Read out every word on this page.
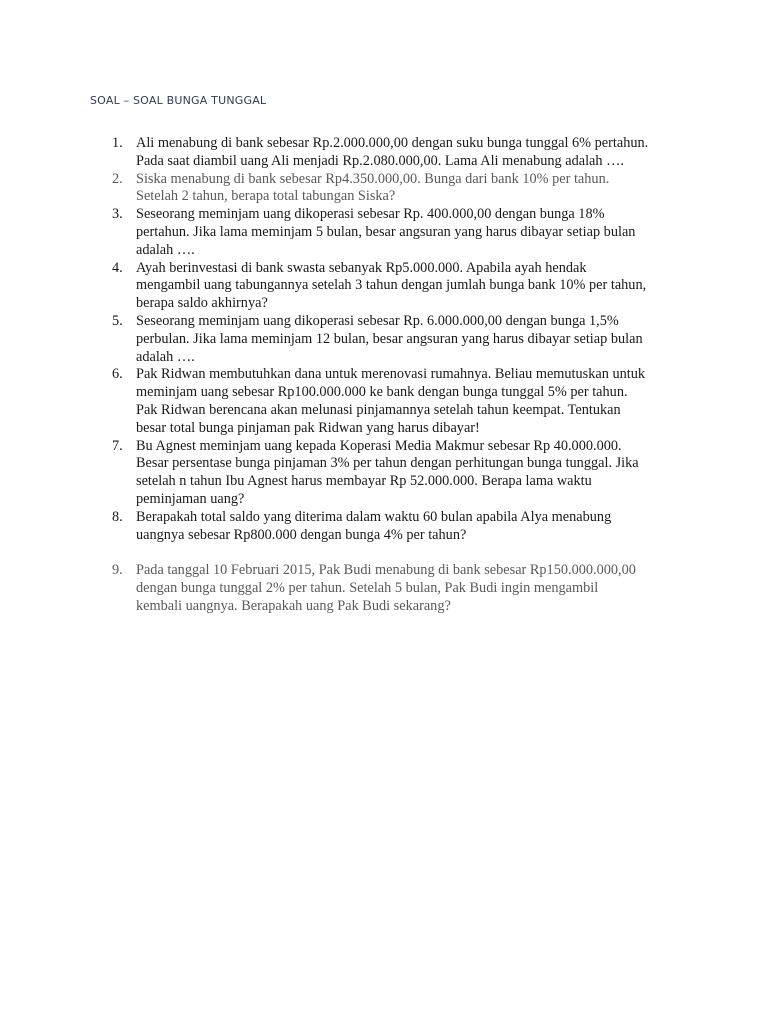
SOAL – SOAL BUNGA TUNGGAL
1. Ali menabung di bank sebesar Rp.2.000.000,00 dengan suku bunga tunggal 6% pertahun.
Pada saat diambil uang Ali menjadi Rp.2.080.000,00. Lama Ali menabung adalah ….
2. Siska menabung di bank sebesar Rp4.350.000,00. Bunga dari bank 10% per tahun.
Setelah 2 tahun, berapa total tabungan Siska?
3. Seseorang meminjam uang dikoperasi sebesar Rp. 400.000,00 dengan bunga 18%
pertahun. Jika lama meminjam 5 bulan, besar angsuran yang harus dibayar setiap bulan
adalah ….
4. Ayah berinvestasi di bank swasta sebanyak Rp5.000.000. Apabila ayah hendak
mengambil uang tabungannya setelah 3 tahun dengan jumlah bunga bank 10% per tahun,
berapa saldo akhirnya?
5. Seseorang meminjam uang dikoperasi sebesar Rp. 6.000.000,00 dengan bunga 1,5%
perbulan. Jika lama meminjam 12 bulan, besar angsuran yang harus dibayar setiap bulan
adalah ….
6. Pak Ridwan membutuhkan dana untuk merenovasi rumahnya. Beliau memutuskan untuk
meminjam uang sebesar Rp100.000.000 ke bank dengan bunga tunggal 5% per tahun.
Pak Ridwan berencana akan melunasi pinjamannya setelah tahun keempat. Tentukan
besar total bunga pinjaman pak Ridwan yang harus dibayar!
7. Bu Agnest meminjam uang kepada Koperasi Media Makmur sebesar Rp 40.000.000.
Besar persentase bunga pinjaman 3% per tahun dengan perhitungan bunga tunggal. Jika
setelah n tahun Ibu Agnest harus membayar Rp 52.000.000. Berapa lama waktu
peminjaman uang?
8. Berapakah total saldo yang diterima dalam waktu 60 bulan apabila Alya menabung
uangnya sebesar Rp800.000 dengan bunga 4% per tahun?
9. Pada tanggal 10 Februari 2015, Pak Budi menabung di bank sebesar Rp150.000.000,00
dengan bunga tunggal 2% per tahun. Setelah 5 bulan, Pak Budi ingin mengambil
kembali uangnya. Berapakah uang Pak Budi sekarang?
